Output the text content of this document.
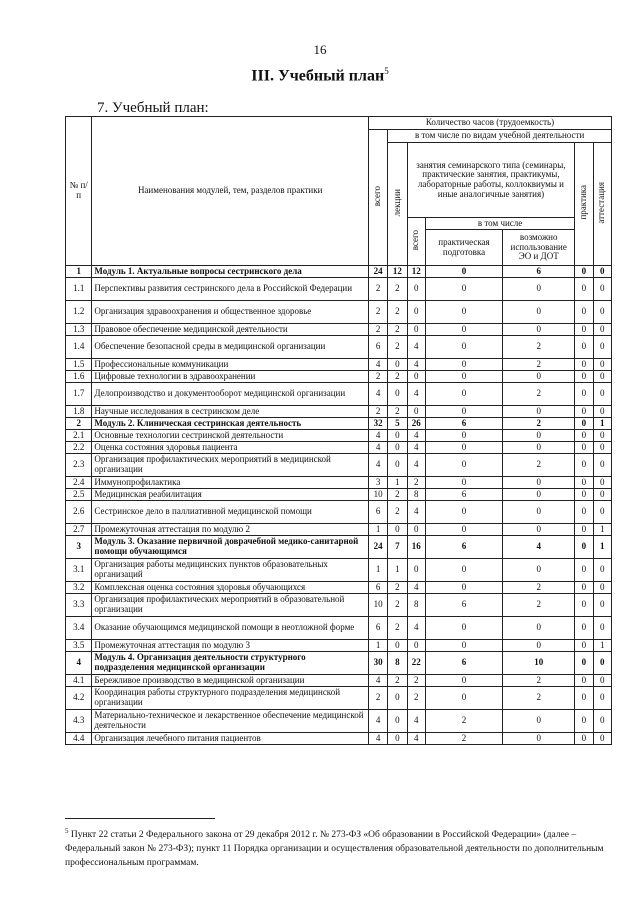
16
III. Учебный план$^5$
7. Учебный план:
№ п/п	Наименования модулей, тем, разделов практики	Количество часов (трудоемкость)						
		всего	в том числе по видам учебной деятельности					
			лекции	занятия семинарского типа (семинары, практические занятия, практикумы, лабораторные работы, коллоквиумы и иные аналогичные занятия)			практика	аттестация
				всего	в том числе			
					практическая подготовка	возможно использование ЭО и ДОТ		
1	Модуль 1. Актуальные вопросы сестринского дела	24	12	12	0	6	0	0
1.1	Перспективы развития сестринского дела в Российской Федерации	2	2	0	0	0	0	0
1.2	Организация здравоохранения и общественное здоровье	2	2	0	0	0	0	0
1.3	Правовое обеспечение медицинской деятельности	2	2	0	0	0	0	0
1.4	Обеспечение безопасной среды в медицинской организации	6	2	4	0	2	0	0
1.5	Профессиональные коммуникации	4	0	4	0	2	0	0
1.6	Цифровые технологии в здравоохранении	2	2	0	0	0	0	0
1.7	Делопроизводство и документооборот медицинской организации	4	0	4	0	2	0	0
1.8	Научные исследования в сестринском деле	2	2	0	0	0	0	0
2	Модуль 2. Клиническая сестринская деятельность	32	5	26	6	2	0	1
2.1	Основные технологии сестринской деятельности	4	0	4	0	0	0	0
2.2	Оценка состояния здоровья пациента	4	0	4	0	0	0	0
2.3	Организация профилактических мероприятий в медицинской организации	4	0	4	0	2	0	0
2.4	Иммунопрофилактика	3	1	2	0	0	0	0
2.5	Медицинская реабилитация	10	2	8	6	0	0	0
2.6	Сестринское дело в паллиативной медицинской помощи	6	2	4	0	0	0	0
2.7	Промежуточная аттестация по модулю 2	1	0	0	0	0	0	1
3	Модуль 3. Оказание первичной доврачебной медико-санитарной помощи обучающимся	24	7	16	6	4	0	1
3.1	Организация работы медицинских пунктов образовательных организаций	1	1	0	0	0	0	0
3.2	Комплексная оценка состояния здоровья обучающихся	6	2	4	0	2	0	0
3.3	Организация профилактических мероприятий в образовательной организации	10	2	8	6	2	0	0
3.4	Оказание обучающимся медицинской помощи в неотложной форме	6	2	4	0	0	0	0
3.5	Промежуточная аттестация по модулю 3	1	0	0	0	0	0	1
4	Модуль 4. Организация деятельности структурного подразделения медицинской организации	30	8	22	6	10	0	0
4.1	Бережливое производство в медицинской организации	4	2	2	0	2	0	0
4.2	Координация работы структурного подразделения медицинской организации	2	0	2	0	2	0	0
4.3	Материально-техническое и лекарственное обеспечение медицинской деятельности	4	0	4	2	0	0	0
4.4	Организация лечебного питания пациентов	4	0	4	2	0	0	0
$^5$ Пункт 22 статьи 2 Федерального закона от 29 декабря 2012 г. № 273-ФЗ «Об образовании в Российской Федерации» (далее – Федеральный закон № 273-ФЗ); пункт 11 Порядка организации и осуществления образовательной деятельности по дополнительным профессиональным программам.
